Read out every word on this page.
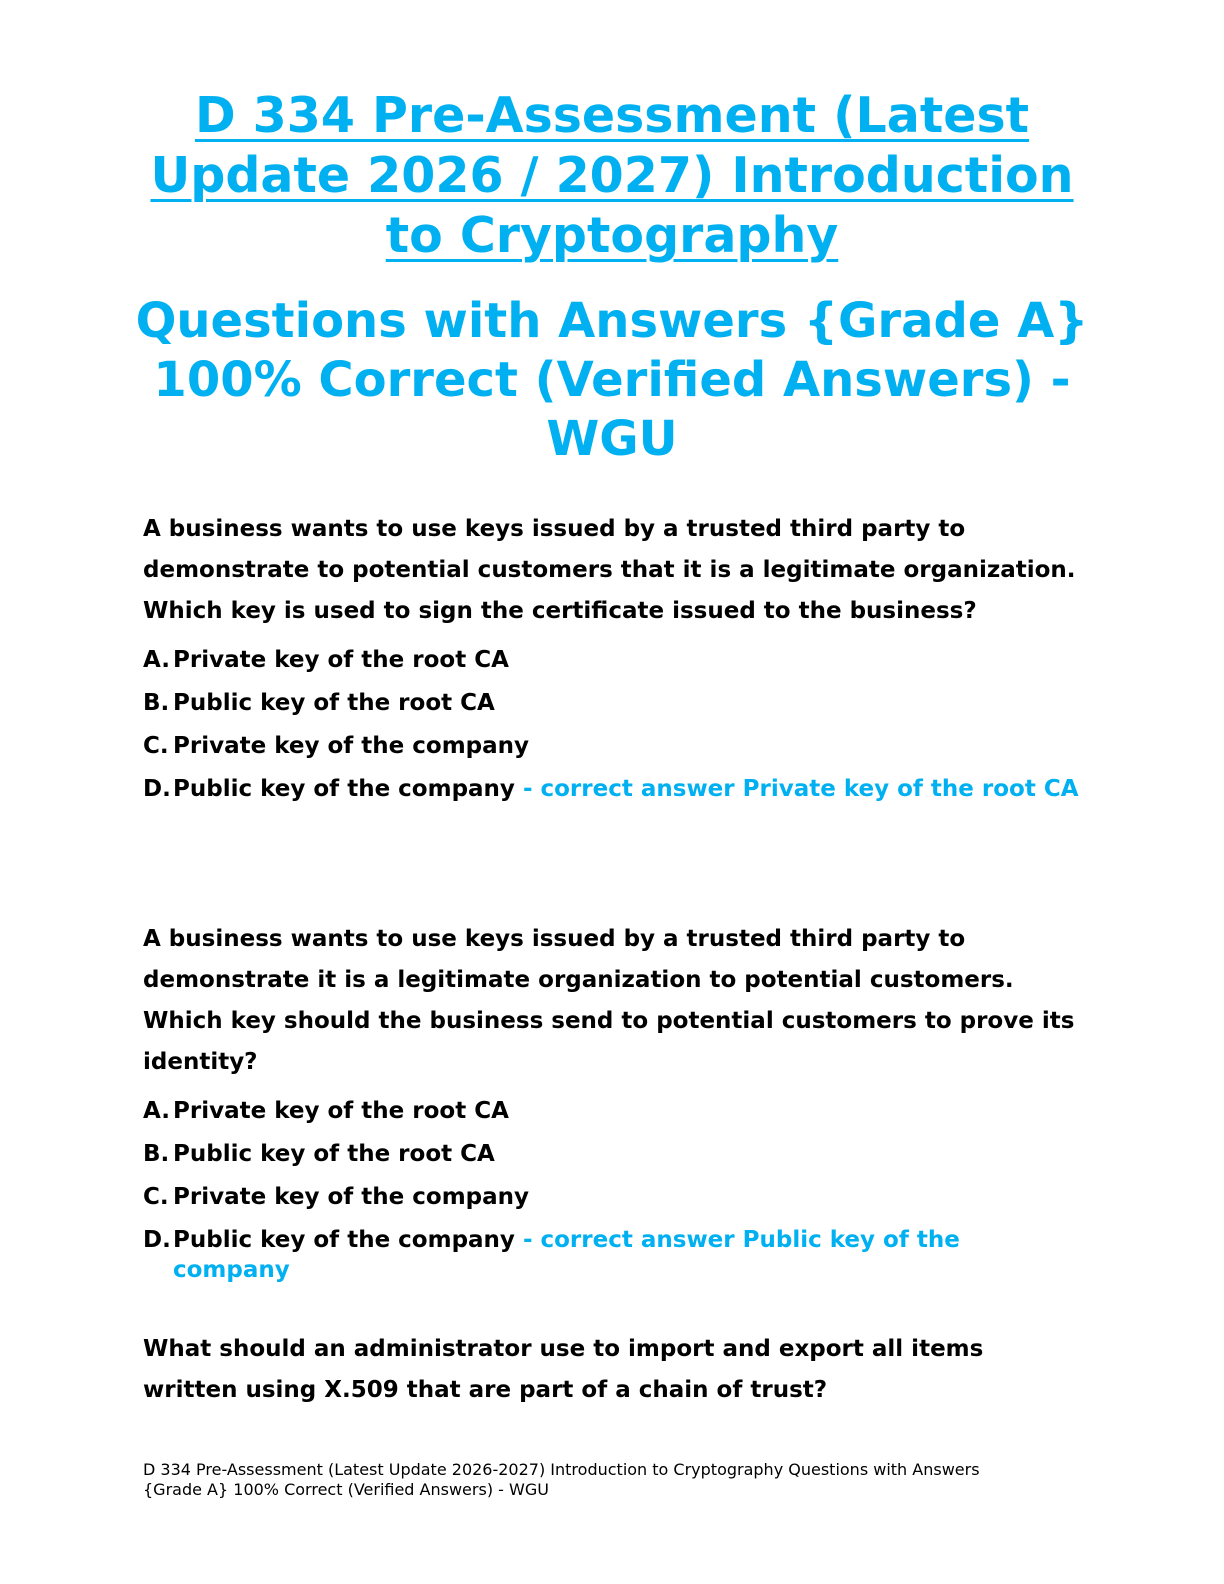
D 334 Pre-Assessment (Latest Update 2026 / 2027) Introduction to Cryptography
Questions with Answers {Grade A} 100% Correct (Verified Answers) - WGU

A business wants to use keys issued by a trusted third party to demonstrate to potential customers that it is a legitimate organization. Which key is used to sign the certificate issued to the business?

A. Private key of the root CA
B. Public key of the root CA
C. Private key of the company
D. Public key of the company - correct answer Private key of the root CA

A business wants to use keys issued by a trusted third party to demonstrate it is a legitimate organization to potential customers. Which key should the business send to potential customers to prove its identity?

A. Private key of the root CA
B. Public key of the root CA
C. Private key of the company
D. Public key of the company - correct answer Public key of the company

What should an administrator use to import and export all items written using X.509 that are part of a chain of trust?

D 334 Pre-Assessment (Latest Update 2026-2027) Introduction to Cryptography Questions with Answers {Grade A} 100% Correct (Verified Answers) - WGU
